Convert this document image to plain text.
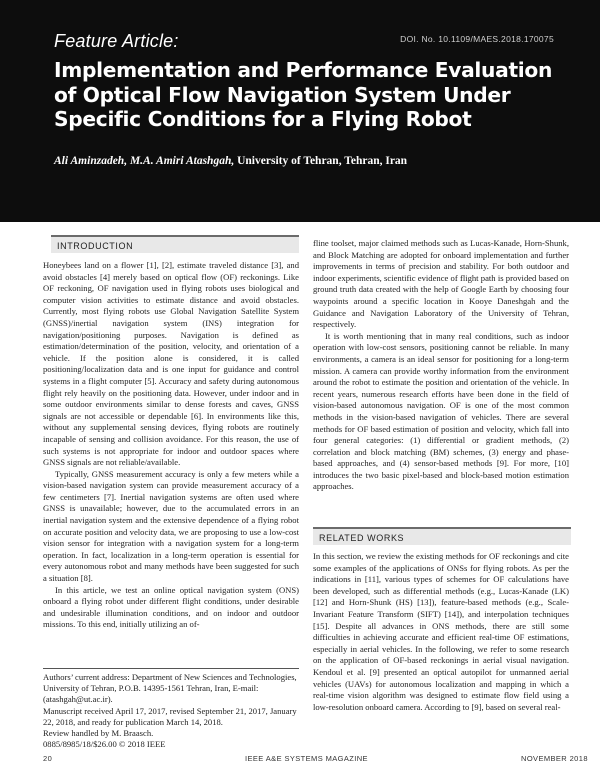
Feature Article:	DOI. No. 10.1109/MAES.2018.170075
Implementation and Performance Evaluation of Optical Flow Navigation System Under Specific Conditions for a Flying Robot
Ali Aminzadeh, M.A. Amiri Atashgah, University of Tehran, Tehran, Iran
INTRODUCTION

Honeybees land on a flower [1], [2], estimate traveled distance [3], and avoid obstacles [4] merely based on optical flow (OF) reckonings. Like OF reckoning, OF navigation used in flying robots uses biological and computer vision activities to estimate distance and avoid obstacles. Currently, most flying robots use Global Navigation Satellite System (GNSS)/inertial navigation system (INS) integration for navigation/positioning purposes. Navigation is defined as estimation/determination of the position, velocity, and orientation of a vehicle. If the position alone is considered, it is called positioning/localization data and is one input for guidance and control systems in a flight computer [5]. Accuracy and safety during autonomous flight rely heavily on the positioning data. However, under indoor and in some outdoor environments similar to dense forests and caves, GNSS signals are not accessible or dependable [6]. In environments like this, without any supplemental sensing devices, flying robots are routinely incapable of sensing and collision avoidance. For this reason, the use of such systems is not appropriate for indoor and outdoor spaces where GNSS signals are not reliable/available.

Typically, GNSS measurement accuracy is only a few meters while a vision-based navigation system can provide measurement accuracy of a few centimeters [7]. Inertial navigation systems are often used where GNSS is unavailable; however, due to the accumulated errors in an inertial navigation system and the extensive dependence of a flying robot on accurate position and velocity data, we are proposing to use a low-cost vision sensor for integration with a navigation system for a long-term operation. In fact, localization in a long-term operation is essential for every autonomous robot and many methods have been suggested for such a situation [8].

In this article, we test an online optical navigation system (ONS) onboard a flying robot under different flight conditions, under desirable and undesirable illumination conditions, and on indoor and outdoor missions. To this end, initially utilizing an of-

Authors’ current address: Department of New Sciences and Technologies, University of Tehran, P.O.B. 14395-1561 Tehran, Iran, E-mail: (atashgah@ut.ac.ir).
Manuscript received April 17, 2017, revised September 21, 2017, January 22, 2018, and ready for publication March 14, 2018.
Review handled by M. Braasch.
0885/8985/18/$26.00 © 2018 IEEE

fline toolset, major claimed methods such as Lucas-Kanade, Horn-Shunk, and Block Matching are adopted for onboard implementation and further improvements in terms of precision and stability. For both outdoor and indoor experiments, scientific evidence of flight path is provided based on ground truth data created with the help of Google Earth by choosing four waypoints around a specific location in Kooye Daneshgah and the Guidance and Navigation Laboratory of the University of Tehran, respectively.

It is worth mentioning that in many real conditions, such as indoor operation with low-cost sensors, positioning cannot be reliable. In many environments, a camera is an ideal sensor for positioning for a long-term mission. A camera can provide worthy information from the environment around the robot to estimate the position and orientation of the vehicle. In recent years, numerous research efforts have been done in the field of vision-based autonomous navigation. OF is one of the most common methods in the vision-based navigation of vehicles. There are several methods for OF based estimation of position and velocity, which fall into four general categories: (1) differential or gradient methods, (2) correlation and block matching (BM) schemes, (3) energy and phase-based approaches, and (4) sensor-based methods [9]. For more, [10] introduces the two basic pixel-based and block-based motion estimation approaches.

RELATED WORKS

In this section, we review the existing methods for OF reckonings and cite some examples of the applications of ONSs for flying robots. As per the indications in [11], various types of schemes for OF calculations have been developed, such as differential methods (e.g., Lucas-Kanade (LK) [12] and Horn-Shunk (HS) [13]), feature-based methods (e.g., Scale-Invariant Feature Transform (SIFT) [14]), and interpolation techniques [15]. Despite all advances in ONS methods, there are still some difficulties in achieving accurate and efficient real-time OF estimations, especially in aerial vehicles. In the following, we refer to some research on the application of OF-based reckonings in aerial visual navigation. Kendoul et al. [9] presented an optical autopilot for unmanned aerial vehicles (UAVs) for autonomous localization and mapping in which a real-time vision algorithm was designed to estimate flow field using a low-resolution onboard camera. According to [9], based on several real-

20	IEEE A&E SYSTEMS MAGAZINE	NOVEMBER 2018
